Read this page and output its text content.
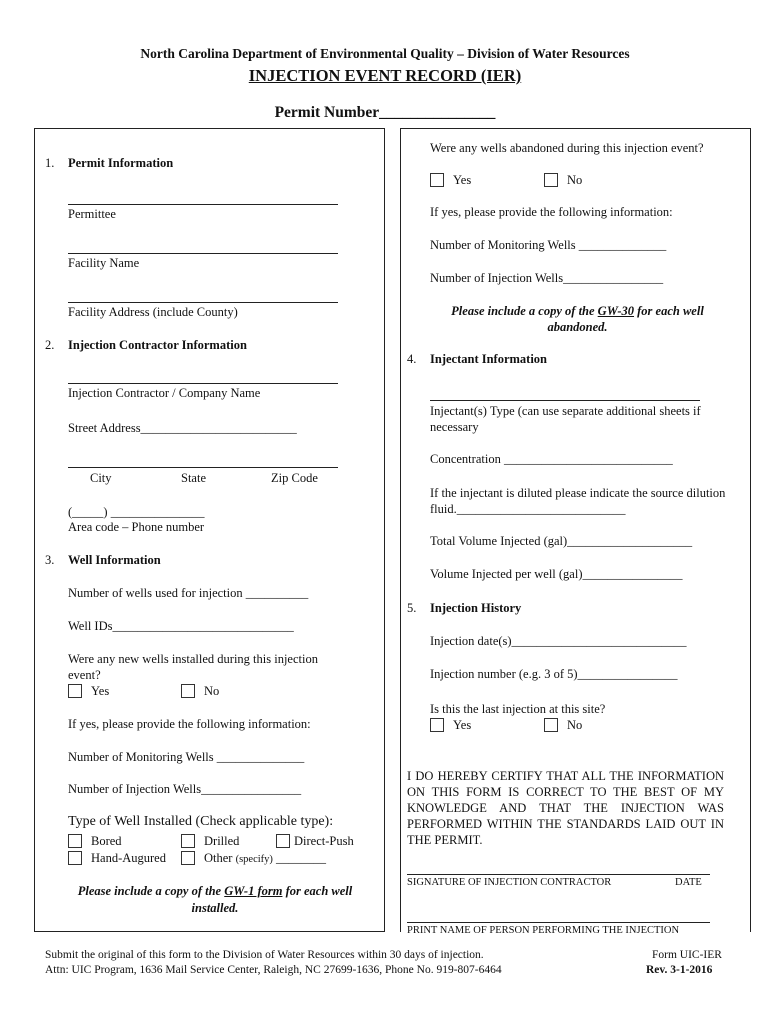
North Carolina Department of Environmental Quality – Division of Water Resources
INJECTION EVENT RECORD (IER)
Permit Number_______________
1. Permit Information
Permittee
Facility Name
Facility Address (include County)
2. Injection Contractor Information
Injection Contractor / Company Name
Street Address_________________________
City	State	Zip Code
(_____) _______________
Area code – Phone number
3. Well Information
Number of wells used for injection __________
Well IDs_____________________________
Were any new wells installed during this injection event?
Yes	No
If yes, please provide the following information:
Number of Monitoring Wells ______________
Number of Injection Wells________________
Type of Well Installed (Check applicable type):
Bored	Drilled	Direct-Push
Hand-Augured	Other (specify) ________
Please include a copy of the GW-1 form for each well installed.
Were any wells abandoned during this injection event?
Yes	No
If yes, please provide the following information:
Number of Monitoring Wells ______________
Number of Injection Wells________________
Please include a copy of the GW-30 for each well abandoned.
4. Injectant Information
Injectant(s) Type (can use separate additional sheets if necessary
Concentration ___________________________
If the injectant is diluted please indicate the source dilution fluid.___________________________
Total Volume Injected (gal)____________________
Volume Injected per well (gal)________________
5. Injection History
Injection date(s)____________________________
Injection number (e.g. 3 of 5)________________
Is this the last injection at this site?
Yes	No
I DO HEREBY CERTIFY THAT ALL THE INFORMATION ON THIS FORM IS CORRECT TO THE BEST OF MY KNOWLEDGE AND THAT THE INJECTION WAS PERFORMED WITHIN THE STANDARDS LAID OUT IN THE PERMIT.
SIGNATURE OF INJECTION CONTRACTOR	DATE
PRINT NAME OF PERSON PERFORMING THE INJECTION
Submit the original of this form to the Division of Water Resources within 30 days of injection.
Attn: UIC Program, 1636 Mail Service Center, Raleigh, NC 27699-1636, Phone No. 919-807-6464
Form UIC-IER
Rev. 3-1-2016
